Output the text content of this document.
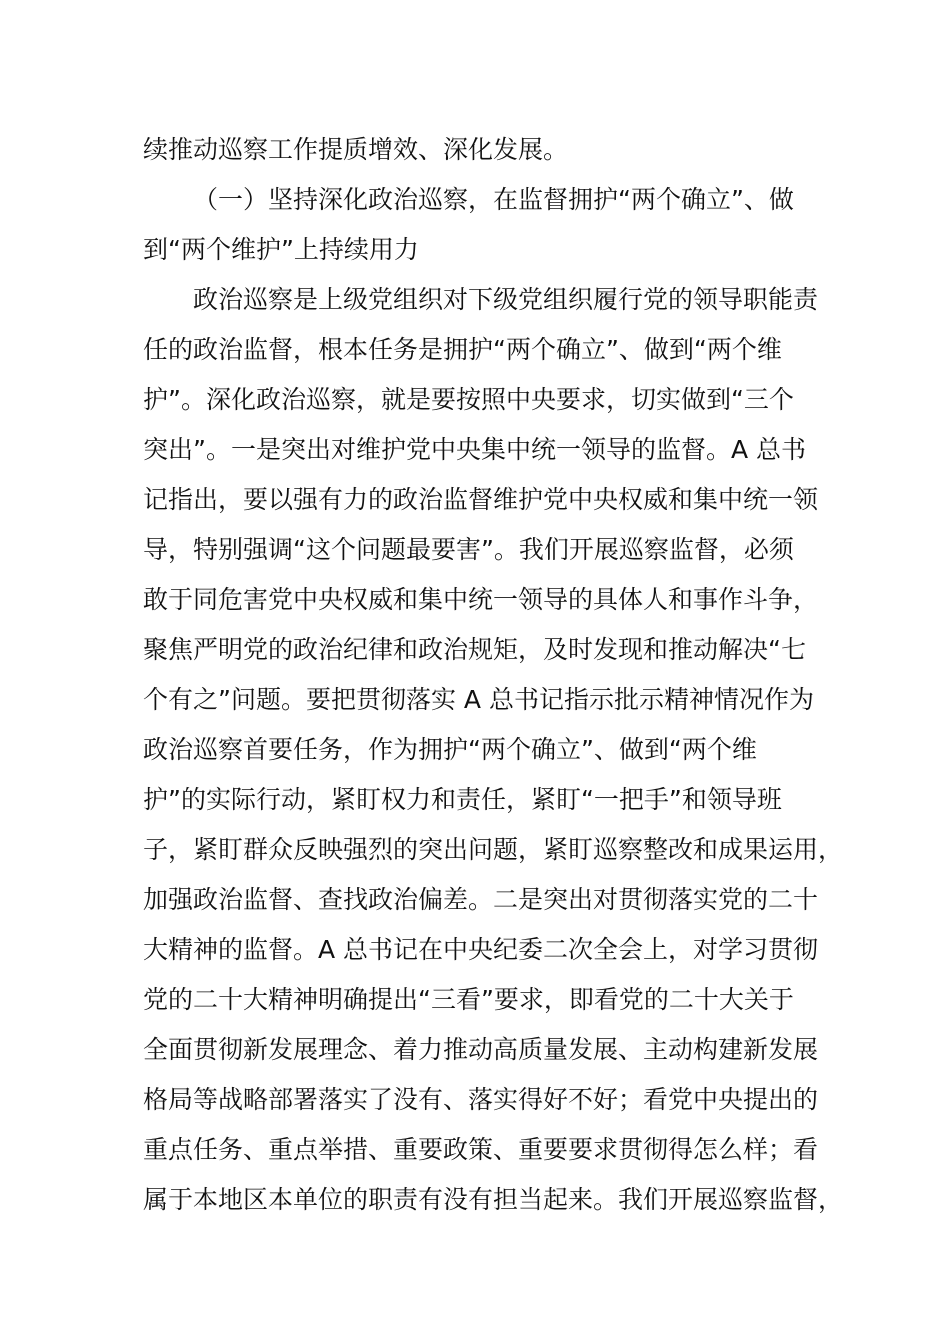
续推动巡察工作提质增效、深化发展。
（一）坚持深化政治巡察，在监督拥护“两个确立”、做
到“两个维护”上持续用力
政治巡察是上级党组织对下级党组织履行党的领导职能责
任的政治监督，根本任务是拥护“两个确立”、做到“两个维
护”。深化政治巡察，就是要按照中央要求，切实做到“三个
突出”。一是突出对维护党中央集中统一领导的监督。A 总书
记指出，要以强有力的政治监督维护党中央权威和集中统一领
导，特别强调“这个问题最要害”。我们开展巡察监督，必须
敢于同危害党中央权威和集中统一领导的具体人和事作斗争，
聚焦严明党的政治纪律和政治规矩，及时发现和推动解决“七
个有之”问题。要把贯彻落实 A 总书记指示批示精神情况作为
政治巡察首要任务，作为拥护“两个确立”、做到“两个维
护”的实际行动，紧盯权力和责任，紧盯“一把手”和领导班
子，紧盯群众反映强烈的突出问题，紧盯巡察整改和成果运用，
加强政治监督、查找政治偏差。二是突出对贯彻落实党的二十
大精神的监督。A 总书记在中央纪委二次全会上，对学习贯彻
党的二十大精神明确提出“三看”要求，即看党的二十大关于
全面贯彻新发展理念、着力推动高质量发展、主动构建新发展
格局等战略部署落实了没有、落实得好不好；看党中央提出的
重点任务、重点举措、重要政策、重要要求贯彻得怎么样；看
属于本地区本单位的职责有没有担当起来。我们开展巡察监督，
